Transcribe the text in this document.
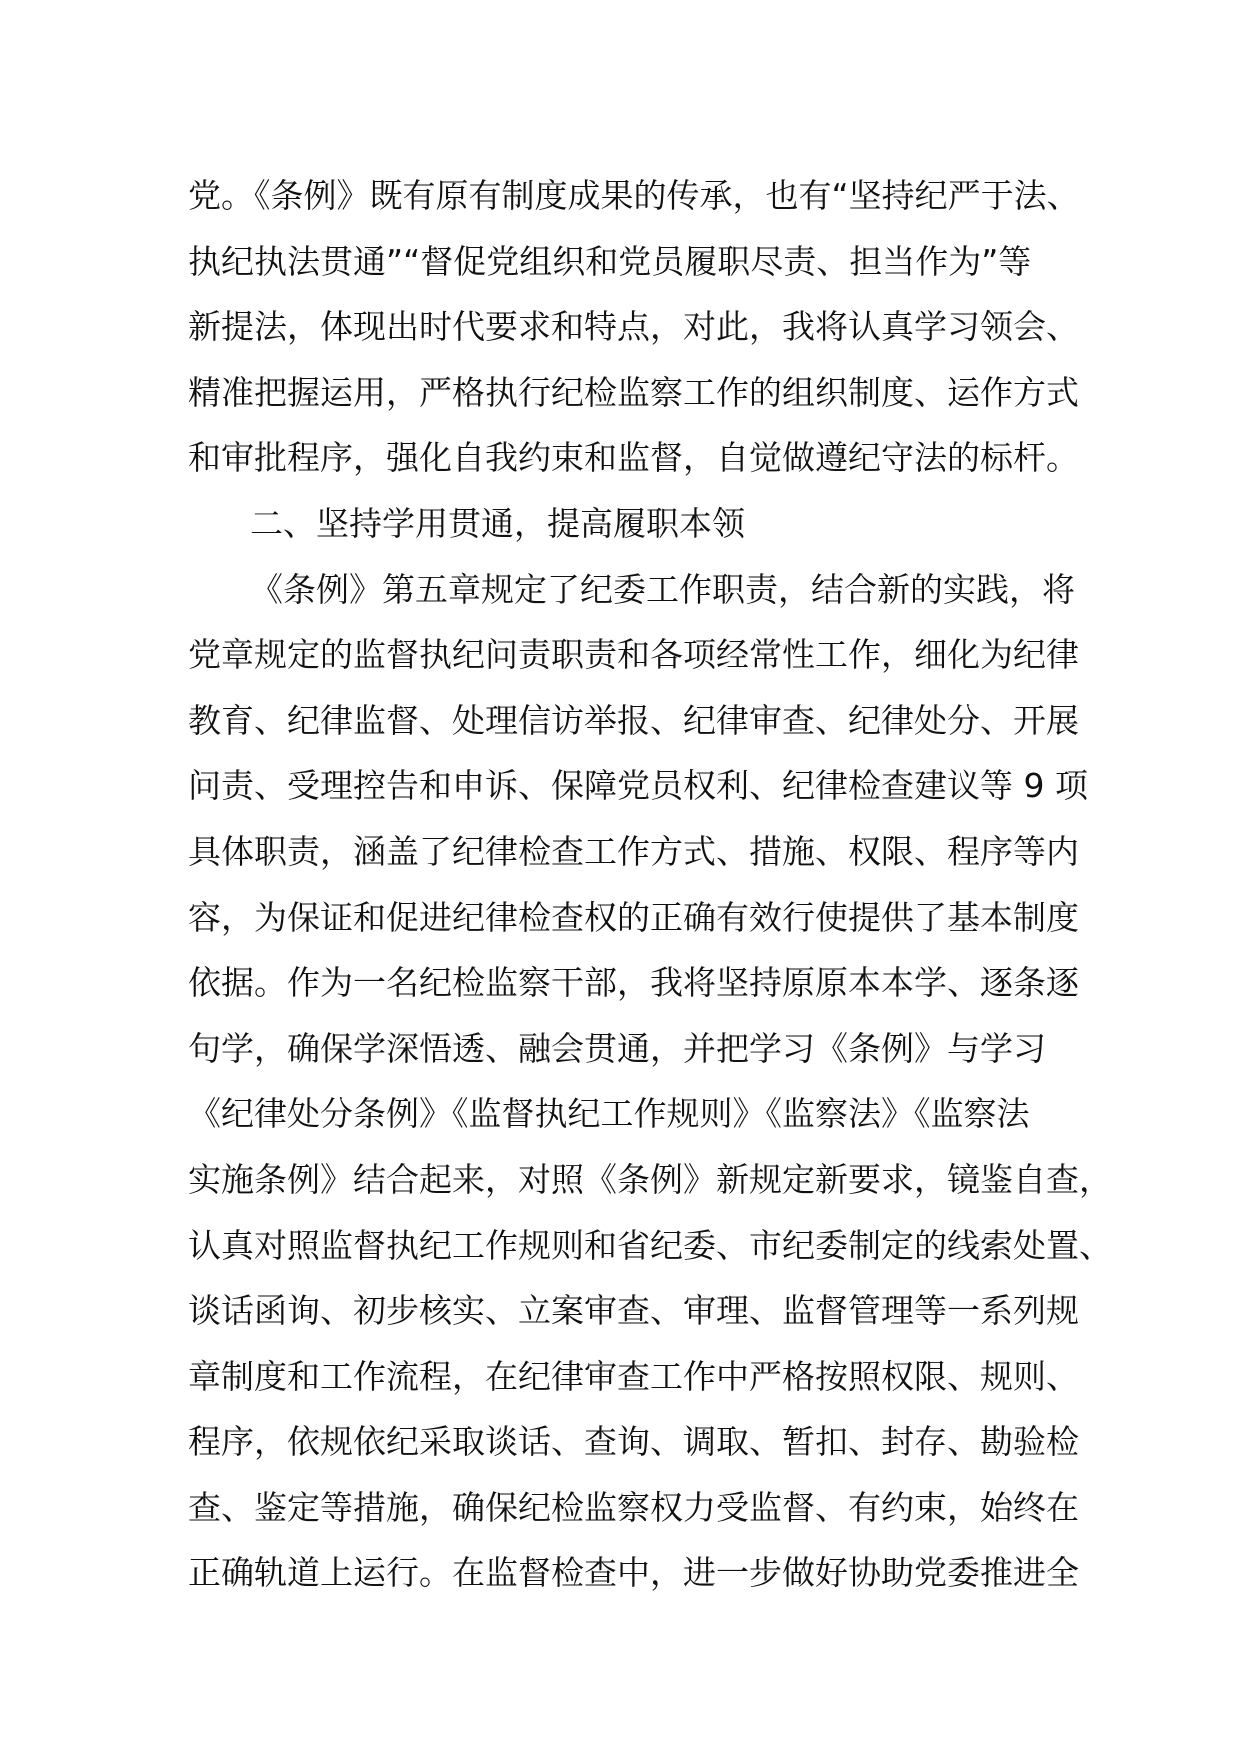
党。《条例》既有原有制度成果的传承，也有“坚持纪严于法、
执纪执法贯通”“督促党组织和党员履职尽责、担当作为”等
新提法，体现出时代要求和特点，对此，我将认真学习领会、
精准把握运用，严格执行纪检监察工作的组织制度、运作方式
和审批程序，强化自我约束和监督，自觉做遵纪守法的标杆。
二、坚持学用贯通，提高履职本领
《条例》第五章规定了纪委工作职责，结合新的实践，将
党章规定的监督执纪问责职责和各项经常性工作，细化为纪律
教育、纪律监督、处理信访举报、纪律审查、纪律处分、开展
问责、受理控告和申诉、保障党员权利、纪律检查建议等 9 项
具体职责，涵盖了纪律检查工作方式、措施、权限、程序等内
容，为保证和促进纪律检查权的正确有效行使提供了基本制度
依据。作为一名纪检监察干部，我将坚持原原本本学、逐条逐
句学，确保学深悟透、融会贯通，并把学习《条例》与学习
《纪律处分条例》《监督执纪工作规则》《监察法》《监察法
实施条例》结合起来，对照《条例》新规定新要求，镜鉴自查，
认真对照监督执纪工作规则和省纪委、市纪委制定的线索处置、
谈话函询、初步核实、立案审查、审理、监督管理等一系列规
章制度和工作流程，在纪律审查工作中严格按照权限、规则、
程序，依规依纪采取谈话、查询、调取、暂扣、封存、勘验检
查、鉴定等措施，确保纪检监察权力受监督、有约束，始终在
正确轨道上运行。在监督检查中，进一步做好协助党委推进全
